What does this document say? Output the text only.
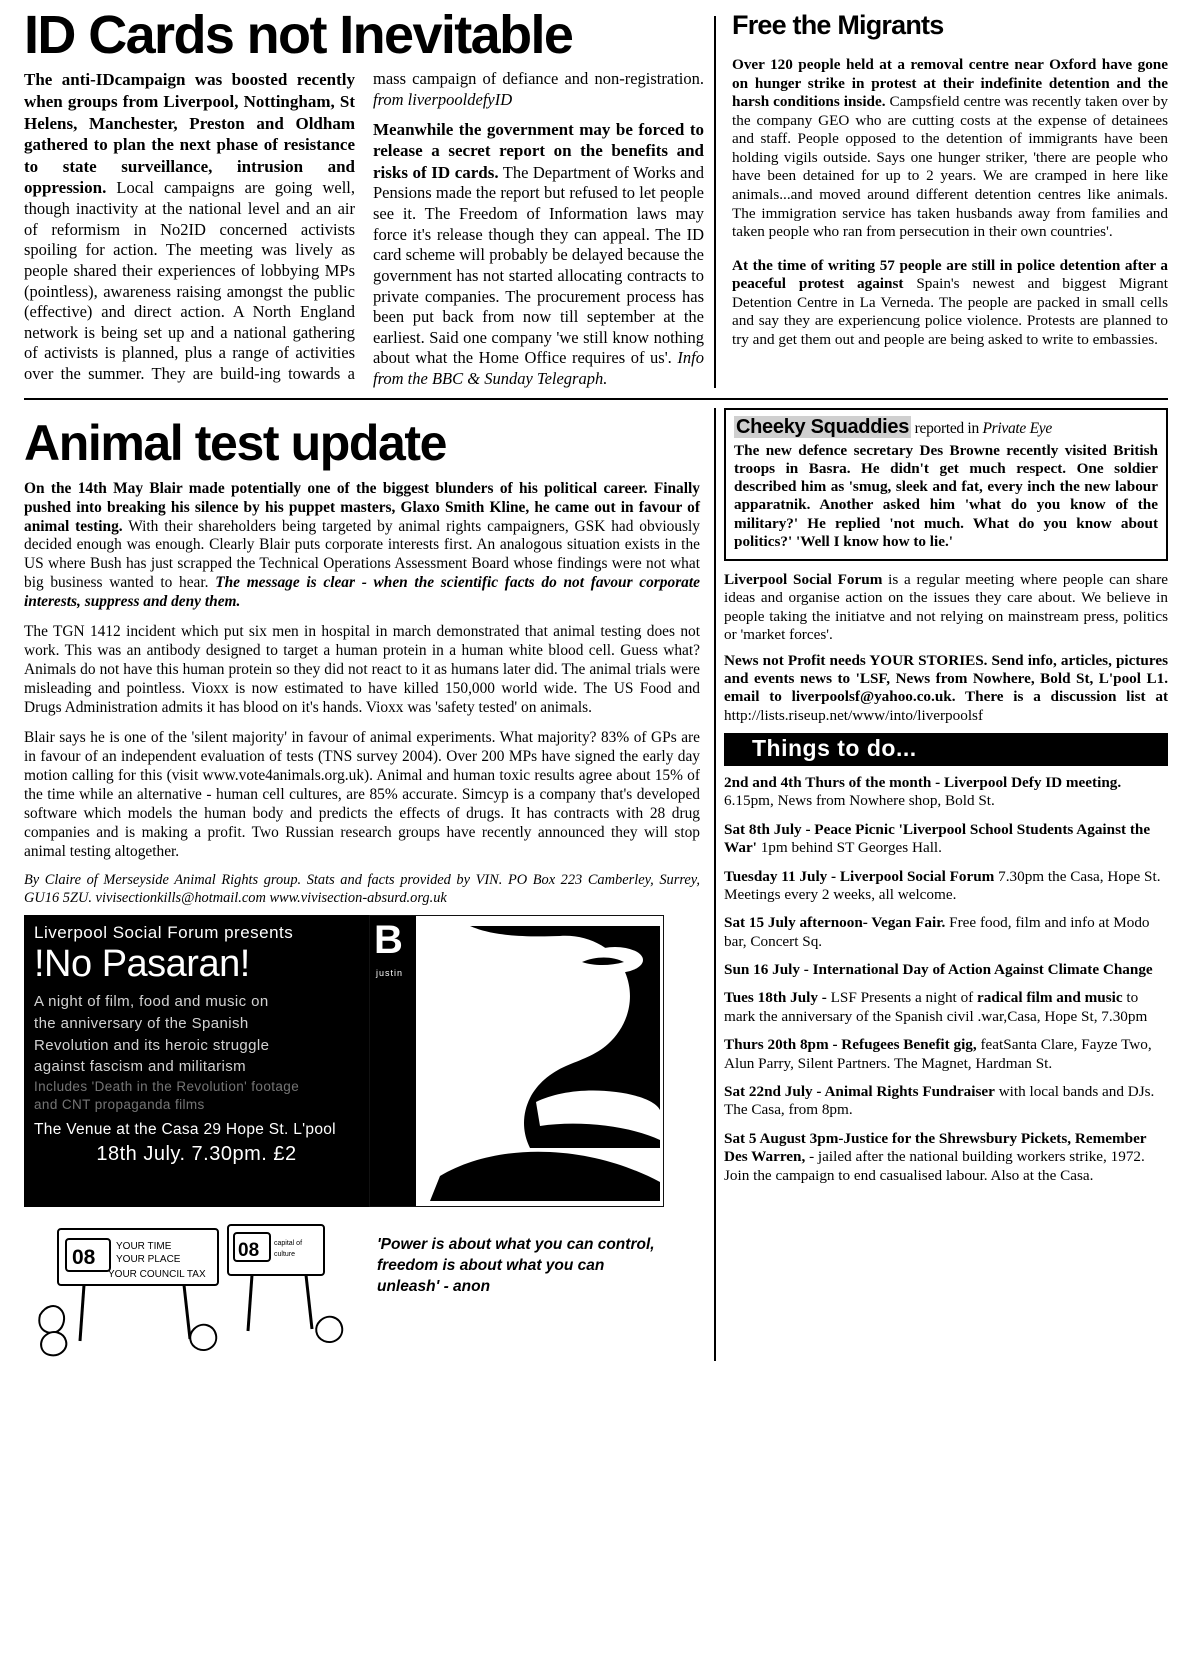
ID Cards not Inevitable

The anti-IDcampaign was boosted recently when groups from Liverpool, Nottingham, St Helens, Manchester, Preston and Oldham gathered to plan the next phase of resistance to state surveillance, intrusion and oppression. Local campaigns are going well, though inactivity at the national level and an air of reformism in No2ID concerned activists spoiling for action. The meeting was lively as people shared their experiences of lobbying MPs (pointless), awareness raising amongst the public (effective) and direct action. A North England network is being set up and a national gathering of activists is planned, plus a range of activities over the summer. They are build-ing towards a mass campaign of defiance and non-registration. from liverpooldefyID

Meanwhile the government may be forced to release a secret report on the benefits and risks of ID cards. The Department of Works and Pensions made the report but refused to let people see it. The Freedom of Information laws may force it's release though they can appeal. The ID card scheme will probably be delayed because the government has not started allocating contracts to private companies. The procurement process has been put back from now till september at the earliest. Said one company 'we still know nothing about what the Home Office requires of us'. Info from the BBC & Sunday Telegraph.

Free the Migrants

Over 120 people held at a removal centre near Oxford have gone on hunger strike in protest at their indefinite detention and the harsh conditions inside. Campsfield centre was recently taken over by the company GEO who are cutting costs at the expense of detainees and staff. People opposed to the detention of immigrants have been holding vigils outside. Says one hunger striker, 'there are people who have been detained for up to 2 years. We are cramped in here like animals...and moved around different detention centres like animals. The immigration service has taken husbands away from families and taken people who ran from persecution in their own countries'.

At the time of writing 57 people are still in police detention after a peaceful protest against Spain's newest and biggest Migrant Detention Centre in La Verneda. The people are packed in small cells and say they are experiencung police violence. Protests are planned to try and get them out and people are being asked to write to embassies.

Animal test update

On the 14th May Blair made potentially one of the biggest blunders of his political career. Finally pushed into breaking his silence by his puppet masters, Glaxo Smith Kline, he came out in favour of animal testing. With their shareholders being targeted by animal rights campaigners, GSK had obviously decided enough was enough. Clearly Blair puts corporate interests first. An analogous situation exists in the US where Bush has just scrapped the Technical Operations Assessment Board whose findings were not what big business wanted to hear. The message is clear - when the scientific facts do not favour corporate interests, suppress and deny them.

The TGN 1412 incident which put six men in hospital in march demonstrated that animal testing does not work. This was an antibody designed to target a human protein in a human white blood cell. Guess what? Animals do not have this human protein so they did not react to it as humans later did. The animal trials were misleading and pointless. Vioxx is now estimated to have killed 150,000 world wide. The US Food and Drugs Administration admits it has blood on it's hands. Vioxx was 'safety tested' on animals.

Blair says he is one of the 'silent majority' in favour of animal experiments. What majority? 83% of GPs are in favour of an independent evaluation of tests (TNS survey 2004). Over 200 MPs have signed the early day motion calling for this (visit www.vote4animals.org.uk). Animal and human toxic results agree about 15% of the time while an alternative - human cell cultures, are 85% accurate. Simcyp is a company that's developed software which models the human body and predicts the effects of drugs. It has contracts with 28 drug companies and is making a profit. Two Russian research groups have recently announced they will stop animal testing altogether.

By Claire of Merseyside Animal Rights group. Stats and facts provided by VIN. PO Box 223 Camberley, Surrey, GU16 5ZU. vivisectionkills@hotmail.com www.vivisection-absurd.org.uk
Liverpool Social Forum presents
!No Pasaran!
A night of film, food and music on
the anniversary of the Spanish
Revolution and its heroic struggle
against fascism and militarism
Includes 'Death in the Revolution' footage
and CNT propaganda films
The Venue at the Casa 29 Hope St. L'pool
18th July. 7.30pm. £2
B
justin
08 YOUR TIME
YOUR PLACE
YOUR COUNCIL TAX
08 capital of
culture
'Power is about what you can control, freedom is about what you can unleash' - anon
Cheeky Squaddies reported in Private Eye
The new defence secretary Des Browne recently visited British troops in Basra. He didn't get much respect. One soldier described him as 'smug, sleek and fat, every inch the new labour apparatnik. Another asked him 'what do you know of the military?' He replied 'not much. What do you know about politics?' 'Well I know how to lie.'

Liverpool Social Forum is a regular meeting where people can share ideas and organise action on the issues they care about. We believe in people taking the initiatve and not relying on mainstream press, politics or 'market forces'.

News not Profit needs YOUR STORIES. Send info, articles, pictures and events news to 'LSF, News from Nowhere, Bold St, L'pool L1. email to liverpoolsf@yahoo.co.uk. There is a discussion list at http://lists.riseup.net/www/into/liverpoolsf

Things to do...

2nd and 4th Thurs of the month - Liverpool Defy ID meeting. 6.15pm, News from Nowhere shop, Bold St.

Sat 8th July - Peace Picnic 'Liverpool School Students Against the War' 1pm behind ST Georges Hall.

Tuesday 11 July - Liverpool Social Forum 7.30pm the Casa, Hope St. Meetings every 2 weeks, all welcome.

Sat 15 July afternoon- Vegan Fair. Free food, film and info at Modo bar, Concert Sq.

Sun 16 July - International Day of Action Against Climate Change

Tues 18th July - LSF Presents a night of radical film and music to mark the anniversary of the Spanish civil .war,Casa, Hope St, 7.30pm

Thurs 20th 8pm - Refugees Benefit gig, featSanta Clare, Fayze Two, Alun Parry, Silent Partners. The Magnet, Hardman St.

Sat 22nd July - Animal Rights Fundraiser with local bands and DJs. The Casa, from 8pm.

Sat 5 August 3pm-Justice for the Shrewsbury Pickets, Remember Des Warren, - jailed after the national building workers strike, 1972. Join the campaign to end casualised labour. Also at the Casa.
